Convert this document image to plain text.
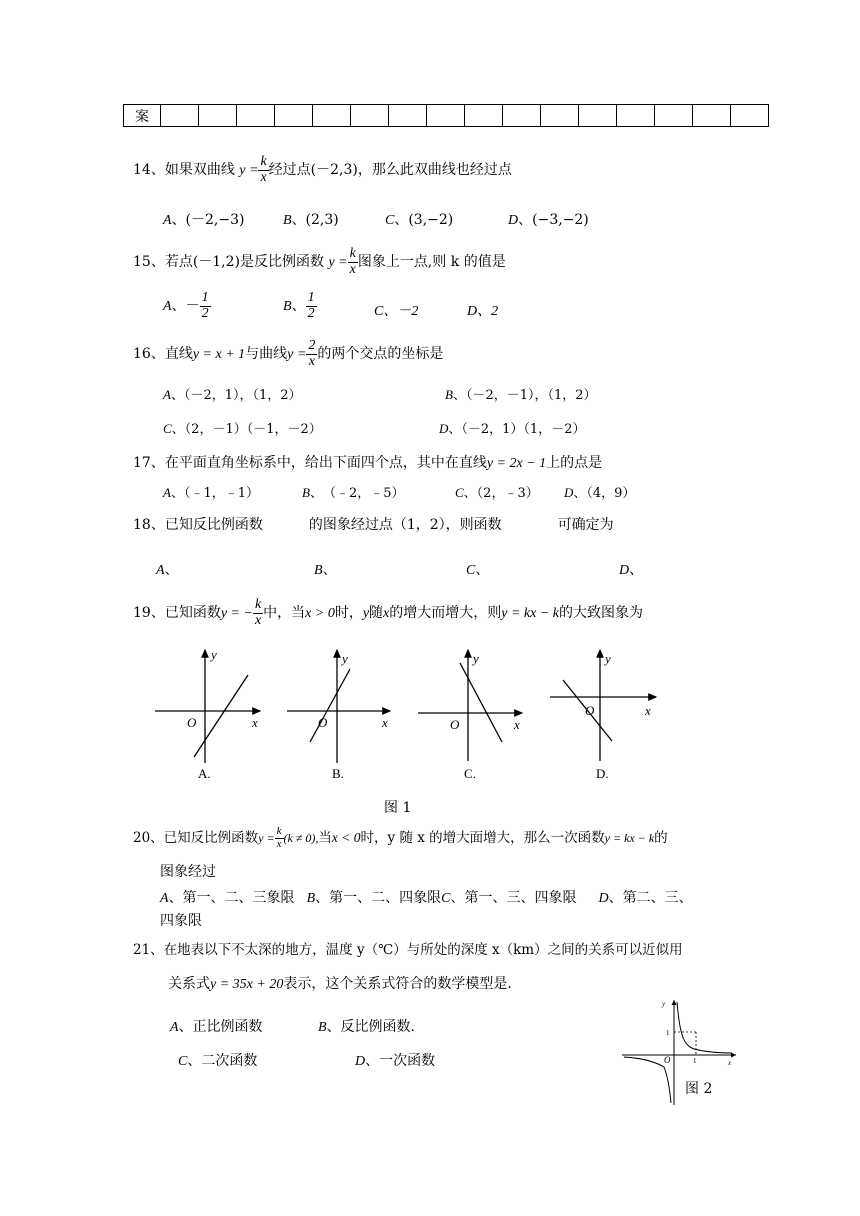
案																
14、如果双曲线 $y = \frac{k}{x}$ 经过点(－2,3)，那么此双曲线也经过点
A、(－2,−3)	B、(2,3)	C、(3,−2)	D、(−3,−2)
15、若点(－1,2)是反比例函数 $y = \frac{k}{x}$ 图象上一点,则 k 的值是
A、－ $\frac{1}{2}$	B、 $\frac{1}{2}$	C、－2	D、2
16、直线y = x + 1与曲线$y = \frac{2}{x}$ 的两个交点的坐标是
A、（－2，1），（1，2）	B、（－2，－1），（1，2）
C、（2，－1）（－1，－2）	D、（－2，1）（1，－2）
17、在平面直角坐标系中，给出下面四个点，其中在直线y = 2x − 1上的点是
A、（﹣1，﹣1）	B、　（﹣2，﹣5）	C、（2，﹣3） D、（4，9）
18、已知反比例函数	的图象经过点（1，2），则函数	可确定为
A、	B、	C、	D、
19、已知函数y = − $\frac{k}{x}$ 中，当x > 0时，y随x的增大而增大，则y = kx − k的大致图象为
y
O	x
A.
y
O	x
B.
y
O	x
C.
y
O	x
D.
图 1
20、已知反比例函数$y = \frac{k}{x} (k \ne 0)$,当x < 0时，y 随 x 的增大面增大，那么一次函数y = kx − k的
图象经过
A、第一、二、三象限 B、第一、二、四象限C、第一、三、四象限 D、第二、三、
四象限
21、在地表以下不太深的地方，温度 y（℃）与所处的深度 x（km）之间的关系可以近似用
关系式y = 35x + 20表示，这个关系式符合的数学模型是.
A、正比例函数	B、反比例函数.
C、二次函数	D、一次函数
1
1
O	x
y
图 2
